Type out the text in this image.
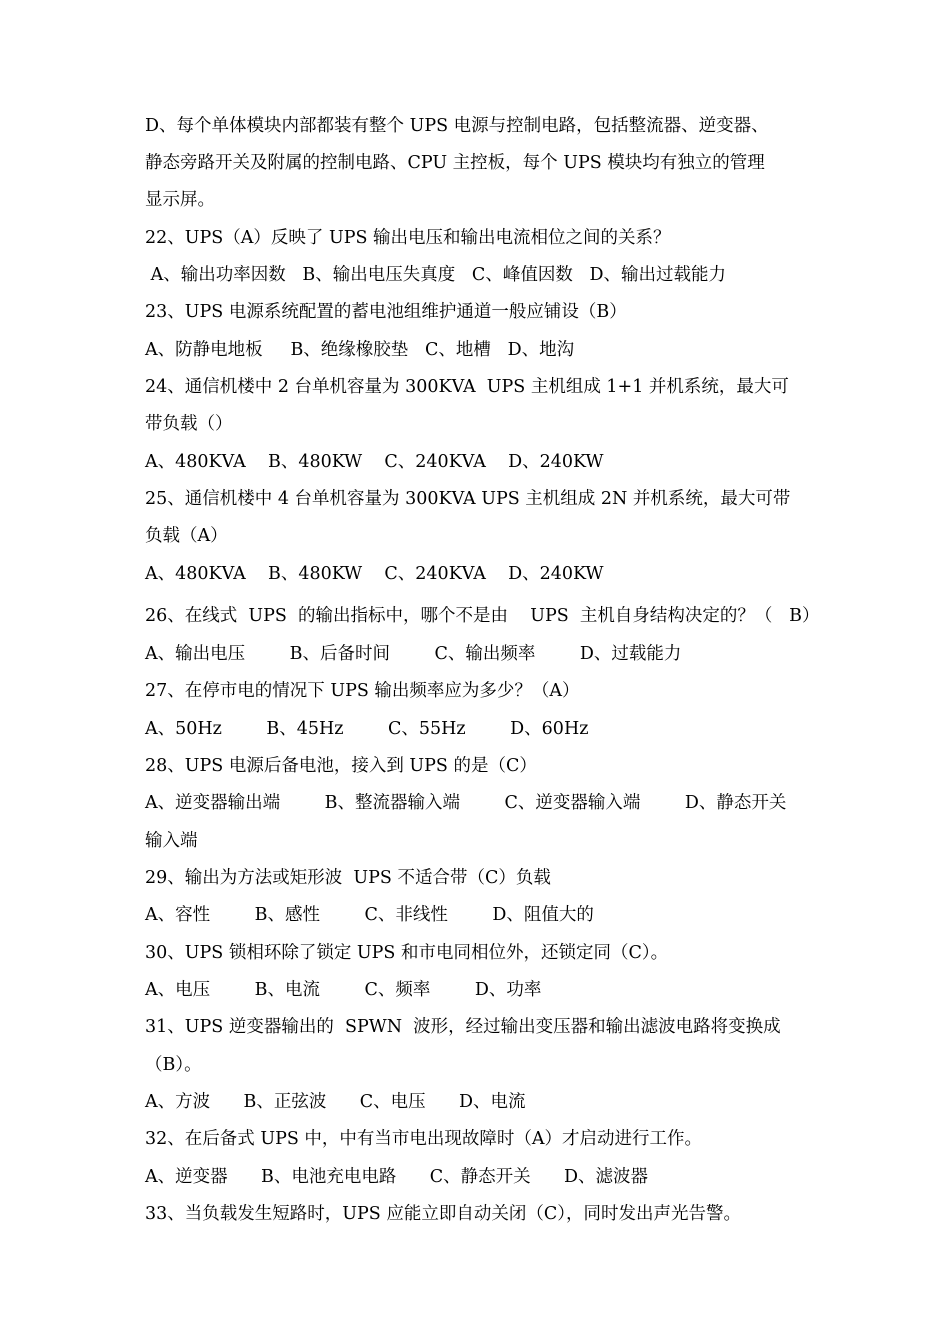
D、每个单体模块内部都装有整个 UPS 电源与控制电路，包括整流器、逆变器、
静态旁路开关及附属的控制电路、CPU 主控板，每个 UPS 模块均有独立的管理
显示屏。
22、UPS（A）反映了 UPS 输出电压和输出电流相位之间的关系？
A、输出功率因数   B、输出电压失真度   C、峰值因数   D、输出过载能力
23、UPS 电源系统配置的蓄电池组维护通道一般应铺设（B）
A、防静电地板     B、绝缘橡胶垫   C、地槽   D、地沟
24、通信机楼中 2 台单机容量为 300KVA  UPS 主机组成 1+1 并机系统，最大可
带负载（）
A、480KVA    B、480KW    C、240KVA    D、240KW
25、通信机楼中 4 台单机容量为 300KVA UPS 主机组成 2N 并机系统，最大可带
负载（A）
A、480KVA    B、480KW    C、240KVA    D、240KW
26、在线式  UPS  的输出指标中，哪个不是由    UPS  主机自身结构决定的？（   B）
A、输出电压        B、后备时间        C、输出频率        D、过载能力
27、在停市电的情况下 UPS 输出频率应为多少？（A）
A、50Hz        B、45Hz        C、55Hz        D、60Hz
28、UPS 电源后备电池，接入到 UPS 的是（C）
A、逆变器输出端        B、整流器输入端        C、逆变器输入端        D、静态开关
输入端
29、输出为方法或矩形波  UPS 不适合带（C）负载
A、容性        B、感性        C、非线性        D、阻值大的
30、UPS 锁相环除了锁定 UPS 和市电同相位外，还锁定同（C）。
A、电压        B、电流        C、频率        D、功率
31、UPS 逆变器输出的  SPWN  波形，经过输出变压器和输出滤波电路将变换成
（B）。
A、方波      B、正弦波      C、电压      D、电流
32、在后备式 UPS 中，中有当市电出现故障时（A）才启动进行工作。
A、逆变器      B、电池充电电路      C、静态开关      D、滤波器
33、当负载发生短路时，UPS 应能立即自动关闭（C），同时发出声光告警。
